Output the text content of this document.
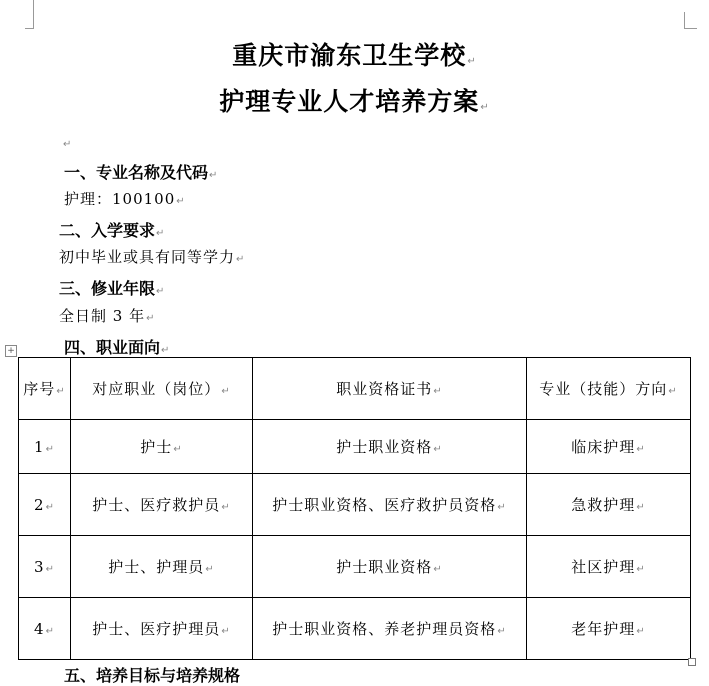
重庆市渝东卫生学校↵
护理专业人才培养方案↵
↵
一、专业名称及代码↵
护理：100100↵
二、入学要求↵
初中毕业或具有同等学力↵
三、修业年限↵
全日制 3 年↵
+	四、职业面向↵
序号↵	对应职业（岗位）↵	职业资格证书↵	专业（技能）方向↵
1↵	护士↵	护士职业资格↵	临床护理↵
2↵	护士、医疗救护员↵	护士职业资格、医疗救护员资格↵	急救护理↵
3↵	护士、护理员↵	护士职业资格↵	社区护理↵
4↵	护士、医疗护理员↵	护士职业资格、养老护理员资格↵	老年护理↵
五、培养目标与培养规格
